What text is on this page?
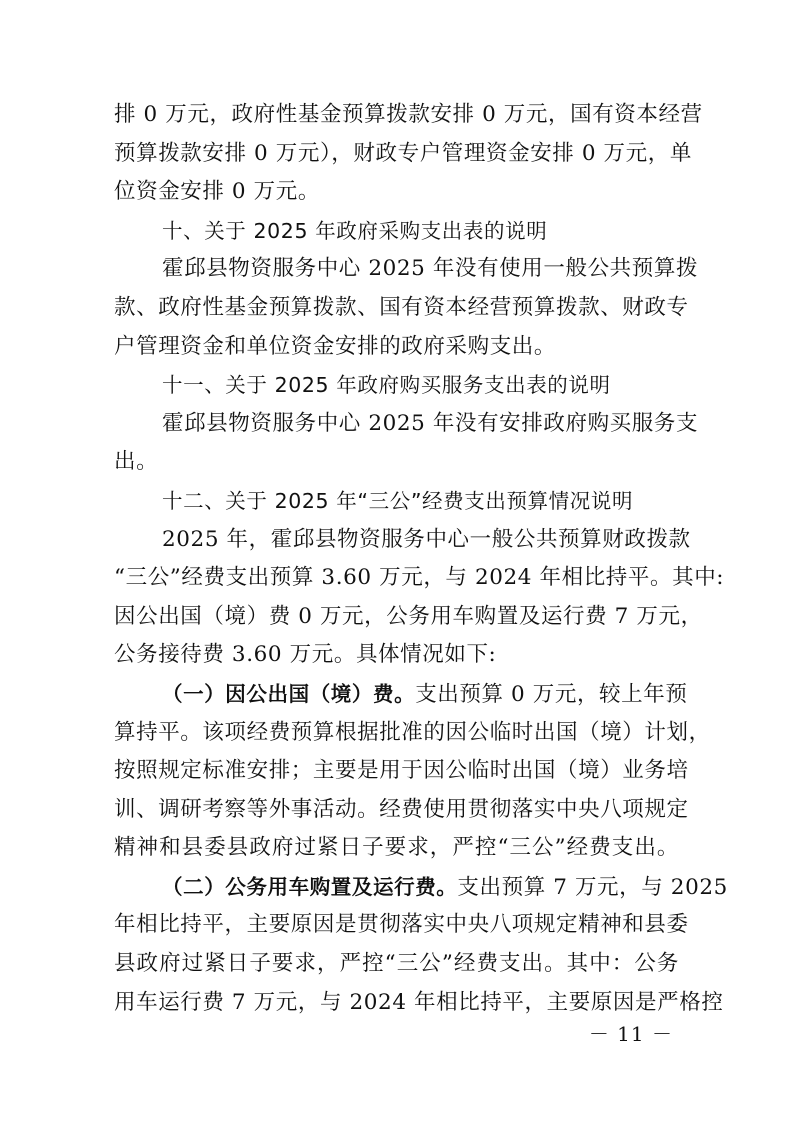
排 0 万元，政府性基金预算拨款安排 0 万元，国有资本经营
预算拨款安排 0 万元），财政专户管理资金安排 0 万元，单
位资金安排 0 万元。
十、关于 2025 年政府采购支出表的说明
霍邱县物资服务中心 2025 年没有使用一般公共预算拨
款、政府性基金预算拨款、国有资本经营预算拨款、财政专
户管理资金和单位资金安排的政府采购支出。
十一、关于 2025 年政府购买服务支出表的说明
霍邱县物资服务中心 2025 年没有安排政府购买服务支
出。
十二、关于 2025 年“三公”经费支出预算情况说明
2025 年，霍邱县物资服务中心一般公共预算财政拨款
“三公”经费支出预算 3.60 万元，与 2024 年相比持平。其中:
因公出国（境）费 0 万元，公务用车购置及运行费 7 万元，
公务接待费 3.60 万元。具体情况如下:
（一）因公出国（境）费。支出预算 0 万元，较上年预
算持平。该项经费预算根据批准的因公临时出国（境）计划，
按照规定标准安排；主要是用于因公临时出国（境）业务培
训、调研考察等外事活动。经费使用贯彻落实中央八项规定
精神和县委县政府过紧日子要求，严控“三公”经费支出。
（二）公务用车购置及运行费。支出预算 7 万元，与 2025
年相比持平，主要原因是贯彻落实中央八项规定精神和县委
县政府过紧日子要求，严控“三公”经费支出。其中：公务
用车运行费 7 万元，与 2024 年相比持平，主要原因是严格控
－ 11 －
